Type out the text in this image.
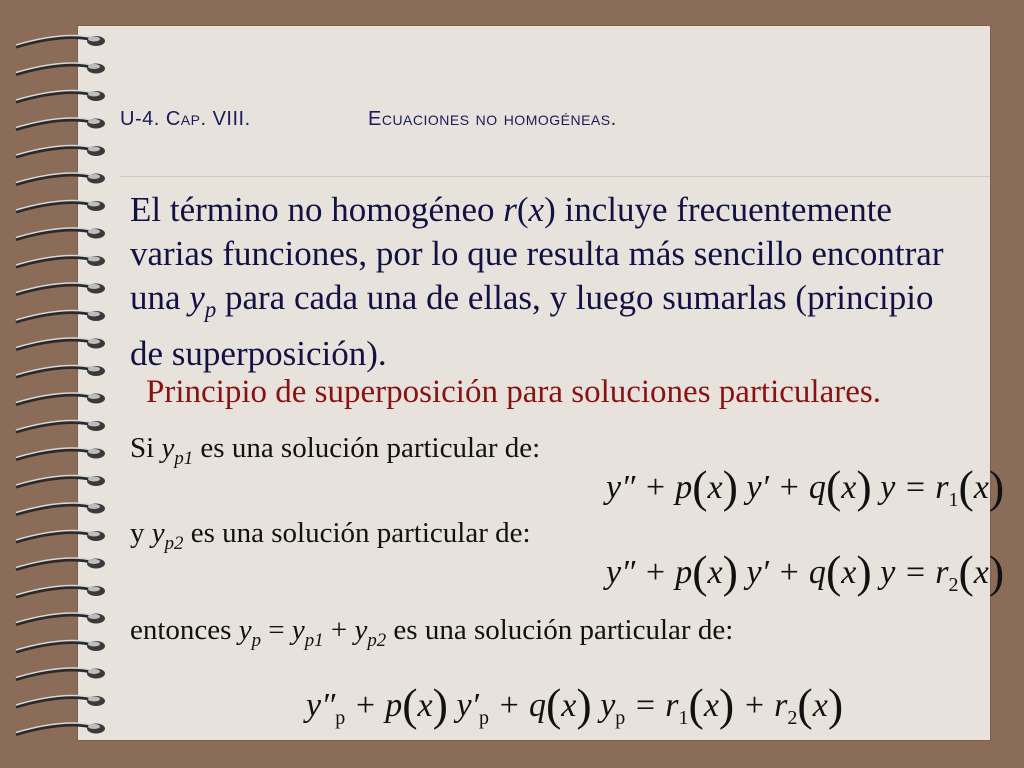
U-4. Cap. VIII.	Ecuaciones no homogéneas.
El término no homogéneo r(x) incluye frecuentemente
varias funciones, por lo que resulta más sencillo encontrar
una $y_p$ para cada una de ellas, y luego sumarlas (principio
de superposición).
Principio de superposición para soluciones particulares.
Si $y_{p1}$ es una solución particular de:
y″ + p(x) y′ + q(x) $y = r_1(x)$
y $y_{p2}$ es una solución particular de:
y″ + p(x) y′ + q(x) $y = r_2(x)$
entonces $y_p = y_{p1} + y_{p2}$ es una solución particular de:
$y''_p + p(x) y'_p + q(x) y_p = r_1(x) + r_2(x)$
